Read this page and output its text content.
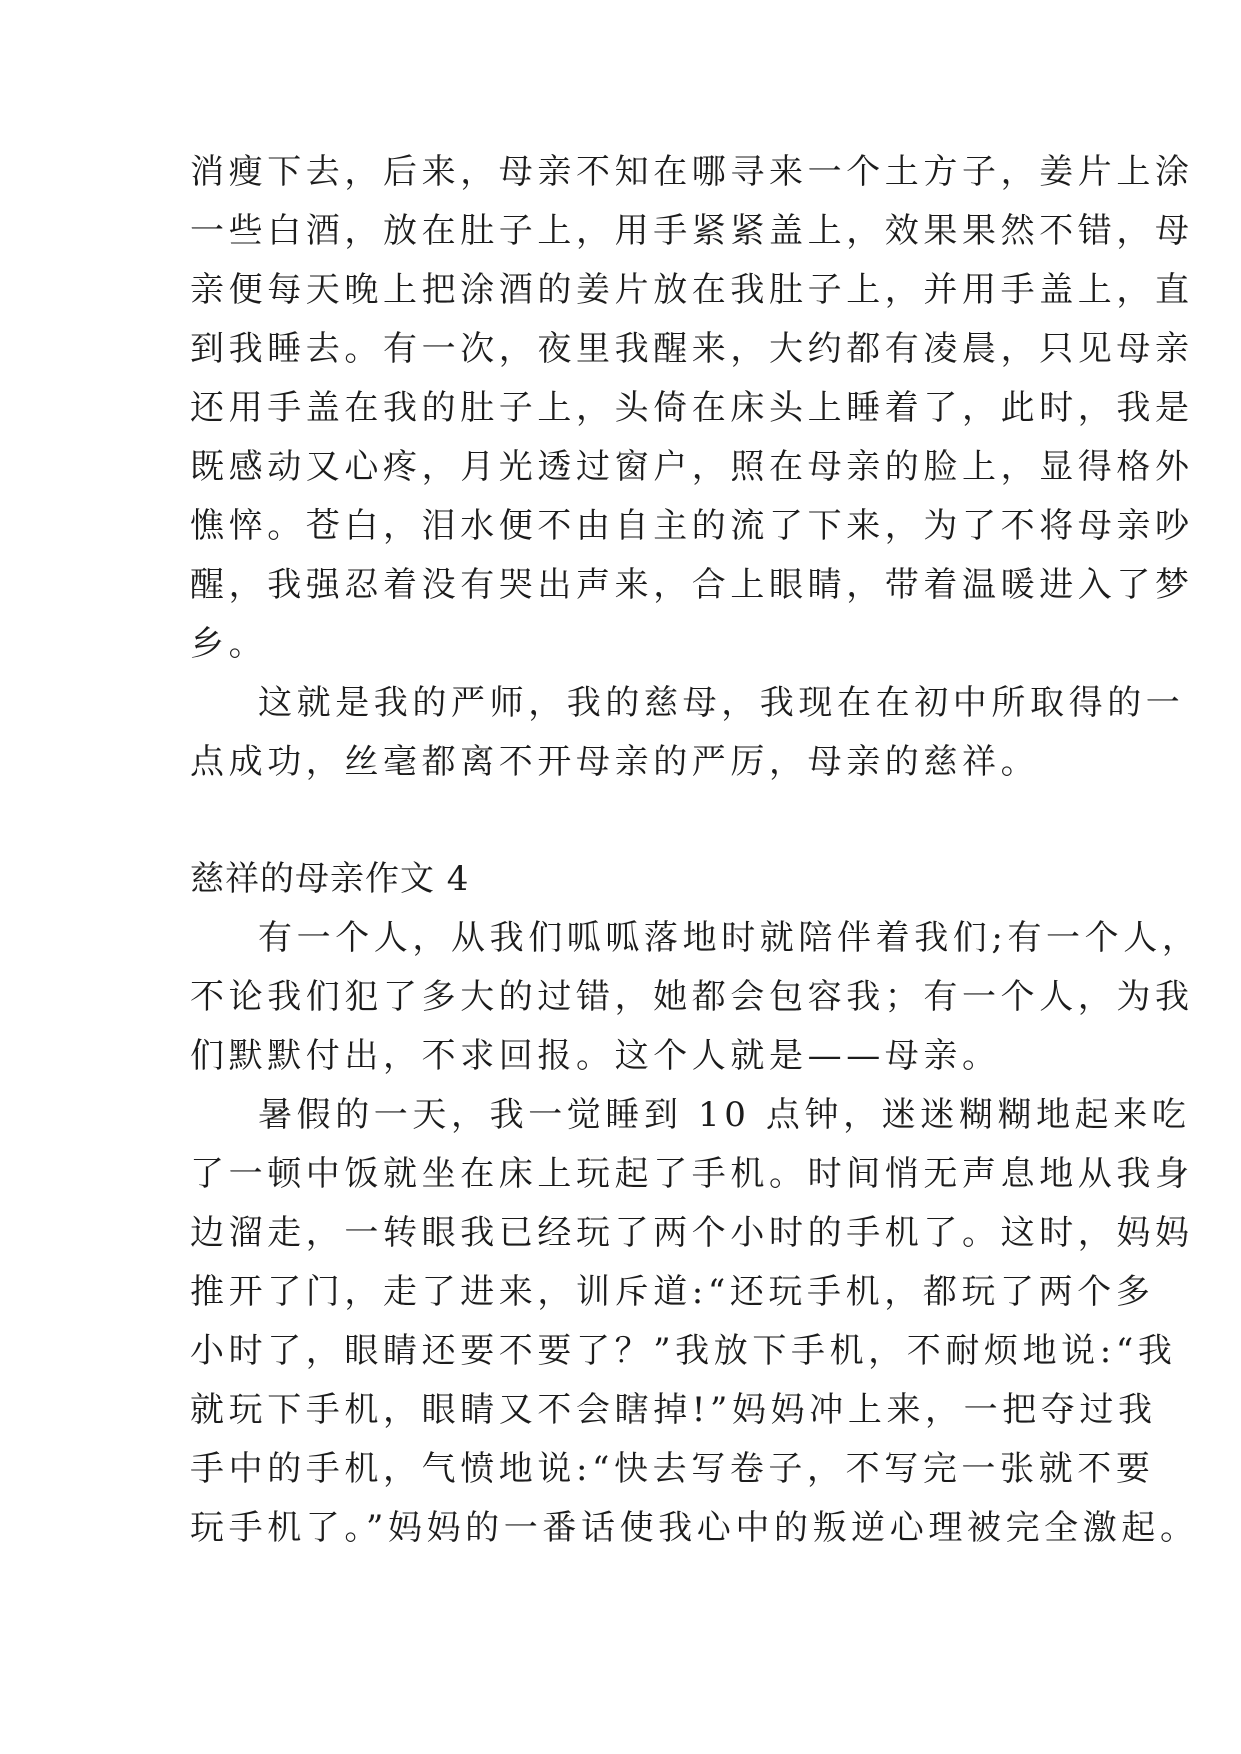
消瘦下去，后来，母亲不知在哪寻来一个土方子，姜片上涂
一些白酒，放在肚子上，用手紧紧盖上，效果果然不错，母
亲便每天晚上把涂酒的姜片放在我肚子上，并用手盖上，直
到我睡去。有一次，夜里我醒来，大约都有凌晨，只见母亲
还用手盖在我的肚子上，头倚在床头上睡着了，此时，我是
既感动又心疼，月光透过窗户，照在母亲的脸上，显得格外
憔悴。苍白，泪水便不由自主的流了下来，为了不将母亲吵
醒，我强忍着没有哭出声来，合上眼睛，带着温暖进入了梦
乡。
这就是我的严师，我的慈母，我现在在初中所取得的一
点成功，丝毫都离不开母亲的严厉，母亲的慈祥。
慈祥的母亲作文 4
有一个人，从我们呱呱落地时就陪伴着我们;有一个人，
不论我们犯了多大的过错，她都会包容我；有一个人，为我
们默默付出，不求回报。这个人就是——母亲。
暑假的一天，我一觉睡到 10 点钟，迷迷糊糊地起来吃
了一顿中饭就坐在床上玩起了手机。时间悄无声息地从我身
边溜走，一转眼我已经玩了两个小时的手机了。这时，妈妈
推开了门，走了进来，训斥道:“还玩手机，都玩了两个多
小时了，眼睛还要不要了？”我放下手机，不耐烦地说:“我
就玩下手机，眼睛又不会瞎掉!”妈妈冲上来，一把夺过我
手中的手机，气愤地说:“快去写卷子，不写完一张就不要
玩手机了。”妈妈的一番话使我心中的叛逆心理被完全激起。
